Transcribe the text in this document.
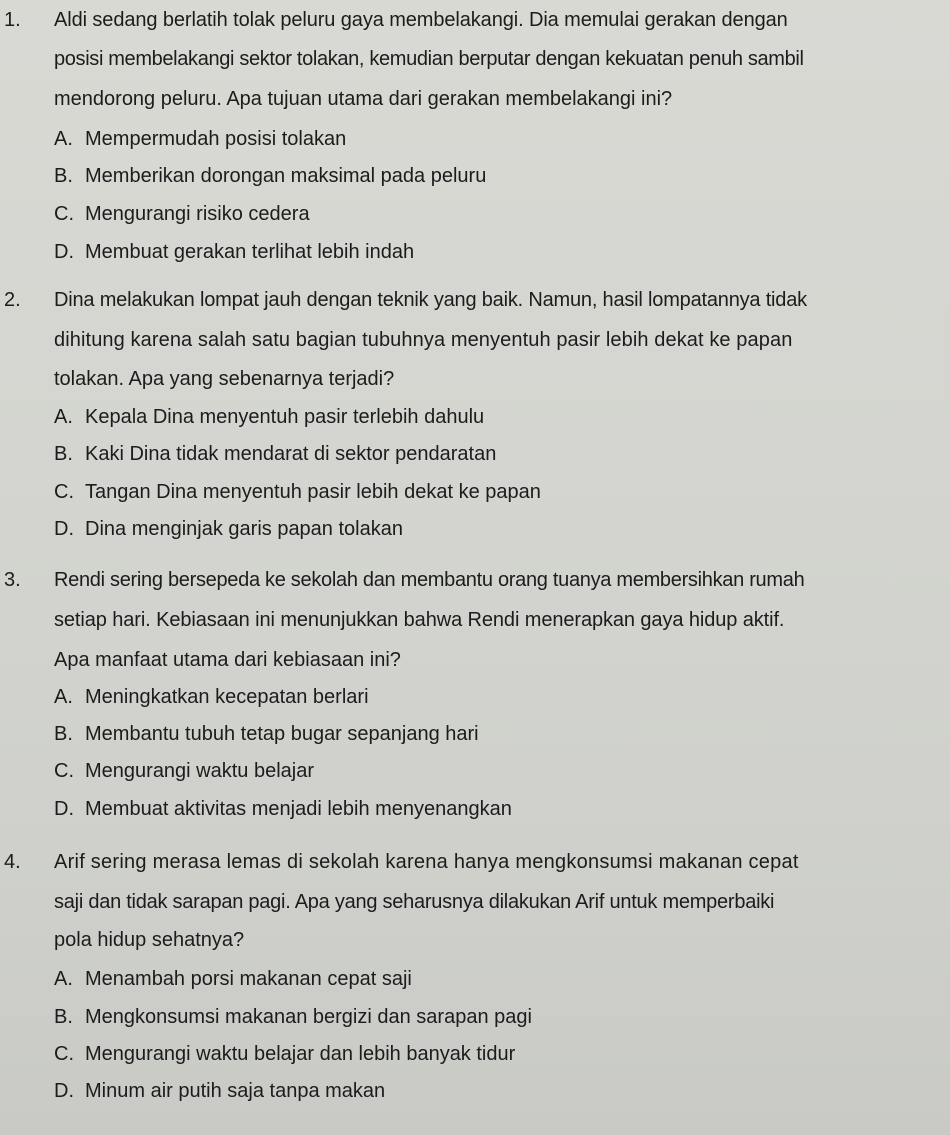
1. Aldi sedang berlatih tolak peluru gaya membelakangi. Dia memulai gerakan dengan
posisi membelakangi sektor tolakan, kemudian berputar dengan kekuatan penuh sambil
mendorong peluru. Apa tujuan utama dari gerakan membelakangi ini?
A. Mempermudah posisi tolakan
B. Memberikan dorongan maksimal pada peluru
C. Mengurangi risiko cedera
D. Membuat gerakan terlihat lebih indah
2. Dina melakukan lompat jauh dengan teknik yang baik. Namun, hasil lompatannya tidak
dihitung karena salah satu bagian tubuhnya menyentuh pasir lebih dekat ke papan
tolakan. Apa yang sebenarnya terjadi?
A. Kepala Dina menyentuh pasir terlebih dahulu
B. Kaki Dina tidak mendarat di sektor pendaratan
C. Tangan Dina menyentuh pasir lebih dekat ke papan
D. Dina menginjak garis papan tolakan
3. Rendi sering bersepeda ke sekolah dan membantu orang tuanya membersihkan rumah
setiap hari. Kebiasaan ini menunjukkan bahwa Rendi menerapkan gaya hidup aktif.
Apa manfaat utama dari kebiasaan ini?
A. Meningkatkan kecepatan berlari
B. Membantu tubuh tetap bugar sepanjang hari
C. Mengurangi waktu belajar
D. Membuat aktivitas menjadi lebih menyenangkan
4. Arif sering merasa lemas di sekolah karena hanya mengkonsumsi makanan cepat
saji dan tidak sarapan pagi. Apa yang seharusnya dilakukan Arif untuk memperbaiki
pola hidup sehatnya?
A. Menambah porsi makanan cepat saji
B. Mengkonsumsi makanan bergizi dan sarapan pagi
C. Mengurangi waktu belajar dan lebih banyak tidur
D. Minum air putih saja tanpa makan
